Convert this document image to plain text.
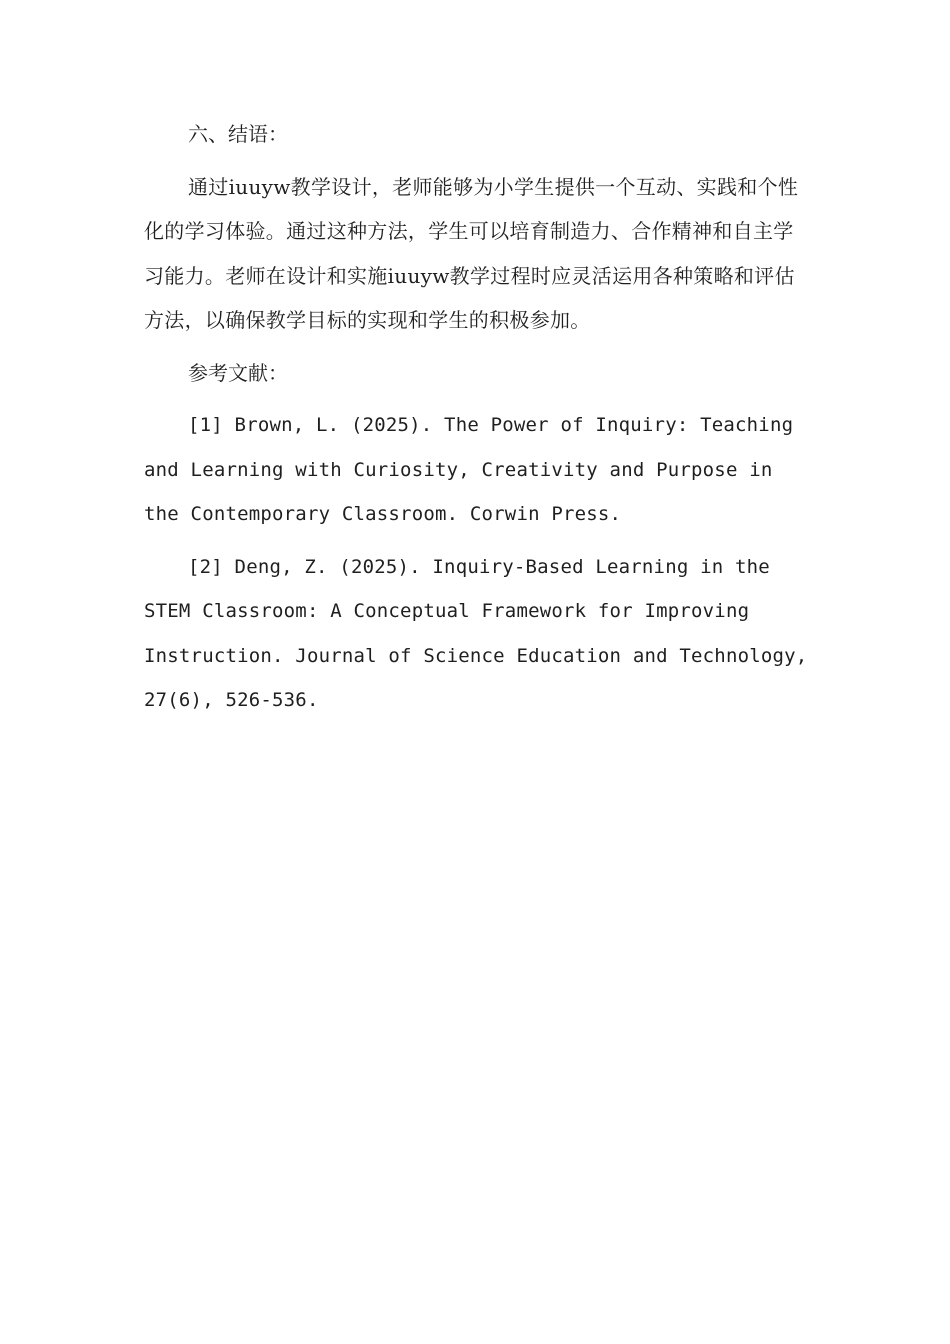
六、结语：

通过iuuyw教学设计，老师能够为小学生提供一个互动、实践和个性化的学习体验。通过这种方法，学生可以培育制造力、合作精神和自主学习能力。老师在设计和实施iuuyw教学过程时应灵活运用各种策略和评估方法，以确保教学目标的实现和学生的积极参加。

参考文献：

[1] Brown, L. (2025). The Power of Inquiry: Teaching and Learning with Curiosity, Creativity and Purpose in the Contemporary Classroom. Corwin Press.

[2] Deng, Z. (2025). Inquiry-Based Learning in the STEM Classroom: A Conceptual Framework for Improving Instruction. Journal of Science Education and Technology, 27(6), 526-536.
